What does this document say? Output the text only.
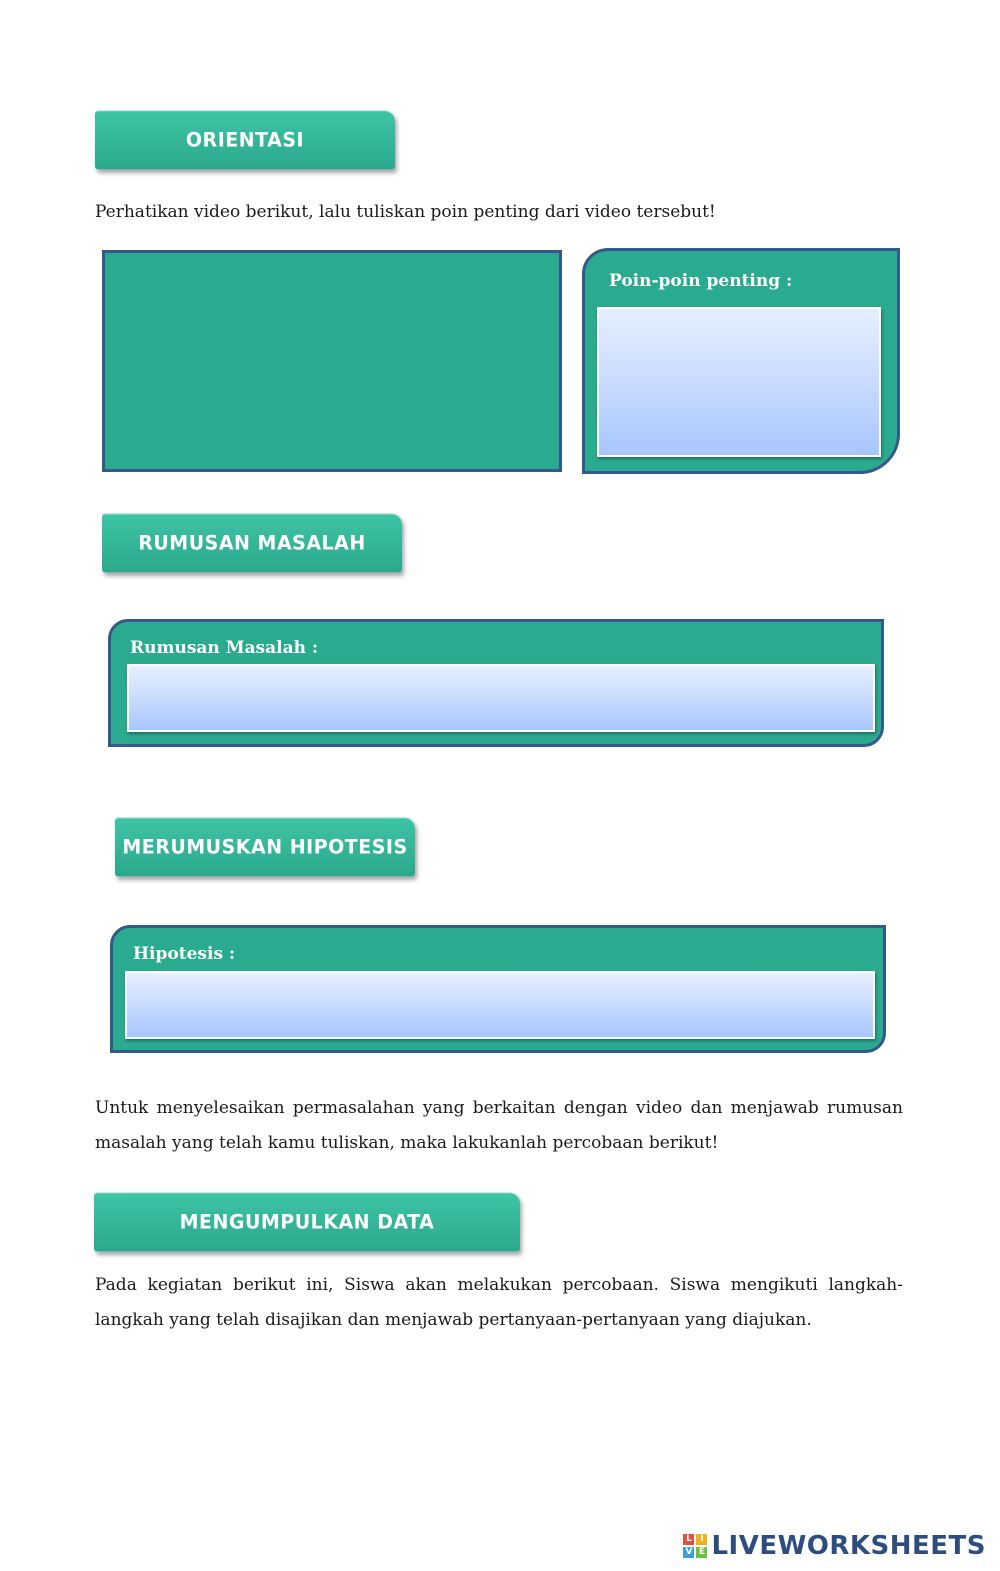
ORIENTASI

Perhatikan video berikut, lalu tuliskan poin penting dari video tersebut!

Poin-poin penting :
RUMUSAN MASALAH
Rumusan Masalah :
MERUMUSKAN HIPOTESIS
Hipotesis :

Untuk menyelesaikan permasalahan yang berkaitan dengan video dan menjawab rumusan masalah yang telah kamu tuliskan, maka lakukanlah percobaan berikut!

MENGUMPULKAN DATA

Pada kegiatan berikut ini, Siswa akan melakukan percobaan. Siswa mengikuti langkah-langkah yang telah disajikan dan menjawab pertanyaan-pertanyaan yang diajukan.

L I
V E LIVEWORKSHEETS
